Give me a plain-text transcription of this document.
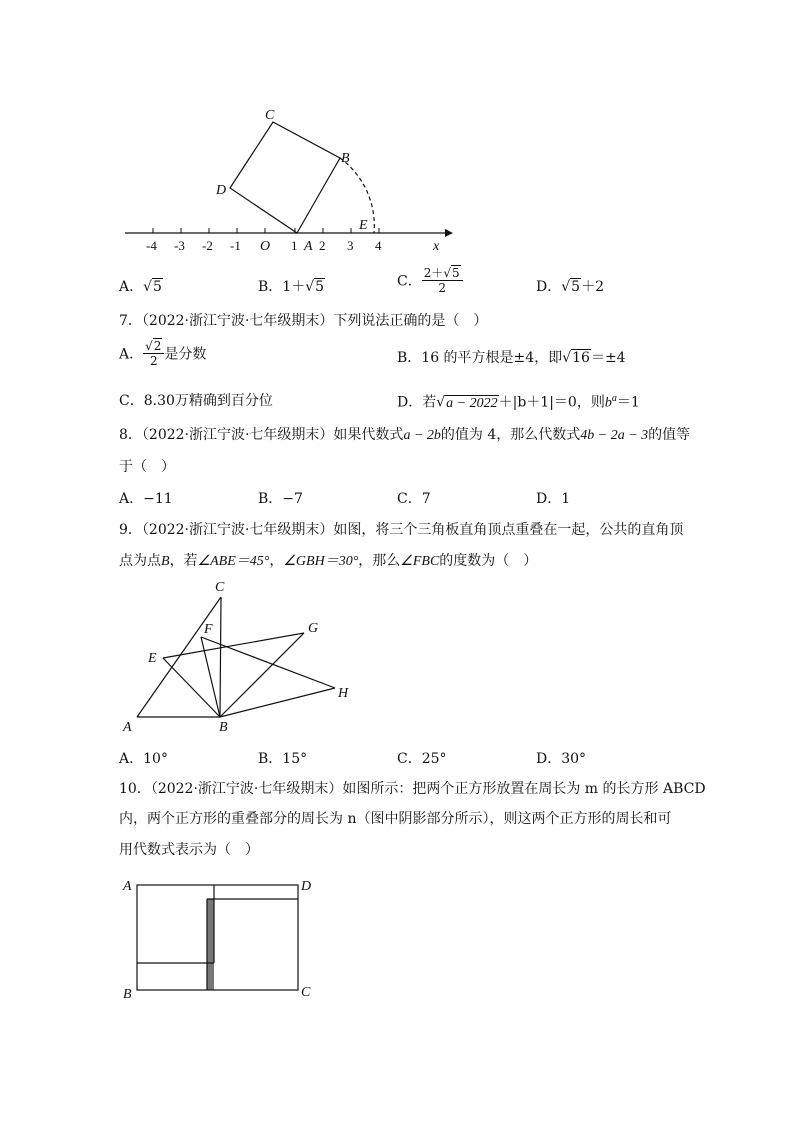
-4 -3 -2 -1	1 2 3 4
O	x
A
B
C
D
E
A．√5	B．1＋√5	C． $\frac{2+√5}{2}$	D．√5＋2
7．（2022·浙江宁波·七年级期末）下列说法正确的是（　）
A． $\frac{√2}{2}$ 是分数	B．16 的平方根是±4，即√16＝±4
C．8.30万精确到百分位	D．若√a − 2022＋|b＋1|＝0，则$b^a=1$
8．（2022·浙江宁波·七年级期末）如果代数式a − 2b的值为 4，那么代数式4b − 2a − 3的值等
于（　）
A．−11	B．−7	C．7	D．1
9．（2022·浙江宁波·七年级期末）如图，将三个三角板直角顶点重叠在一起，公共的直角顶
点为点B，若∠ABE＝45°，∠GBH＝30°，那么∠FBC的度数为（　）
A	B
C
E
F	G
H
A．10°	B．15°	C．25°	D．30°
10．（2022·浙江宁波·七年级期末）如图所示：把两个正方形放置在周长为 m 的长方形 ABCD
内，两个正方形的重叠部分的周长为 n（图中阴影部分所示），则这两个正方形的周长和可
用代数式表示为（　）
A	D
B	C
